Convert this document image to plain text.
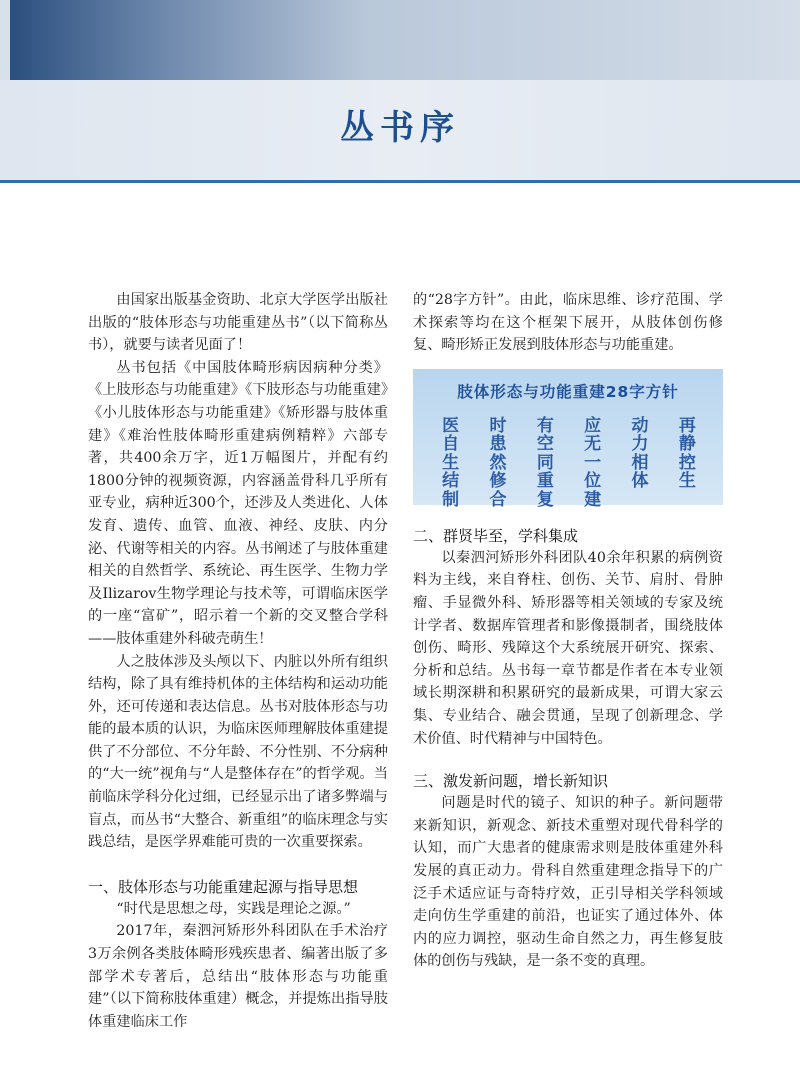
丛书序

由国家出版基金资助、北京大学医学出版社出版的“肢体形态与功能重建丛书”（以下简称丛书），就要与读者见面了！

丛书包括《中国肢体畸形病因病种分类》《上肢形态与功能重建》《下肢形态与功能重建》《小儿肢体形态与功能重建》《矫形器与肢体重建》《难治性肢体畸形重建病例精粹》六部专著，共400余万字，近1万幅图片，并配有约1800分钟的视频资源，内容涵盖骨科几乎所有亚专业，病种近300个，还涉及人类进化、人体发育、遗传、血管、血液、神经、皮肤、内分泌、代谢等相关的内容。丛书阐述了与肢体重建相关的自然哲学、系统论、再生医学、生物力学及Ilizarov生物学理论与技术等，可谓临床医学的一座“富矿”，昭示着一个新的交叉整合学科——肢体重建外科破壳萌生！

人之肢体涉及头颅以下、内脏以外所有组织结构，除了具有维持机体的主体结构和运动功能外，还可传递和表达信息。丛书对肢体形态与功能的最本质的认识，为临床医师理解肢体重建提供了不分部位、不分年龄、不分性别、不分病种的“大一统”视角与“人是整体存在”的哲学观。当前临床学科分化过细，已经显示出了诸多弊端与盲点，而丛书“大整合、新重组”的临床理念与实践总结，是医学界难能可贵的一次重要探索。

一、肢体形态与功能重建起源与指导思想

“时代是思想之母，实践是理论之源。”

2017年，秦泗河矫形外科团队在手术治疗3万余例各类肢体畸形残疾患者、编著出版了多部学术专著后，总结出“肢体形态与功能重建”（以下简称肢体重建）概念，并提炼出指导肢体重建临床工作

的“28字方针”。由此，临床思维、诊疗范围、学术探索等均在这个框架下展开，从肢体创伤修复、畸形矫正发展到肢体形态与功能重建。

肢体形态与功能重建28字方针
医	时	有	应	动	再
自	患	空	无	力	静
生	然	同	一	相	控
结	修	重	位	体	生
制	合	复	建
二、群贤毕至，学科集成

以秦泗河矫形外科团队40余年积累的病例资料为主线，来自脊柱、创伤、关节、肩肘、骨肿瘤、手显微外科、矫形器等相关领域的专家及统计学者、数据库管理者和影像摄制者，围绕肢体创伤、畸形、残障这个大系统展开研究、探索、分析和总结。丛书每一章节都是作者在本专业领域长期深耕和积累研究的最新成果，可谓大家云集、专业结合、融会贯通，呈现了创新理念、学术价值、时代精神与中国特色。

三、激发新问题，增长新知识

问题是时代的镜子、知识的种子。新问题带来新知识，新观念、新技术重塑对现代骨科学的认知，而广大患者的健康需求则是肢体重建外科发展的真正动力。骨科自然重建理念指导下的广泛手术适应证与奇特疗效，正引导相关学科领域走向仿生学重建的前沿，也证实了通过体外、体内的应力调控，驱动生命自然之力，再生修复肢体的创伤与残缺，是一条不变的真理。
